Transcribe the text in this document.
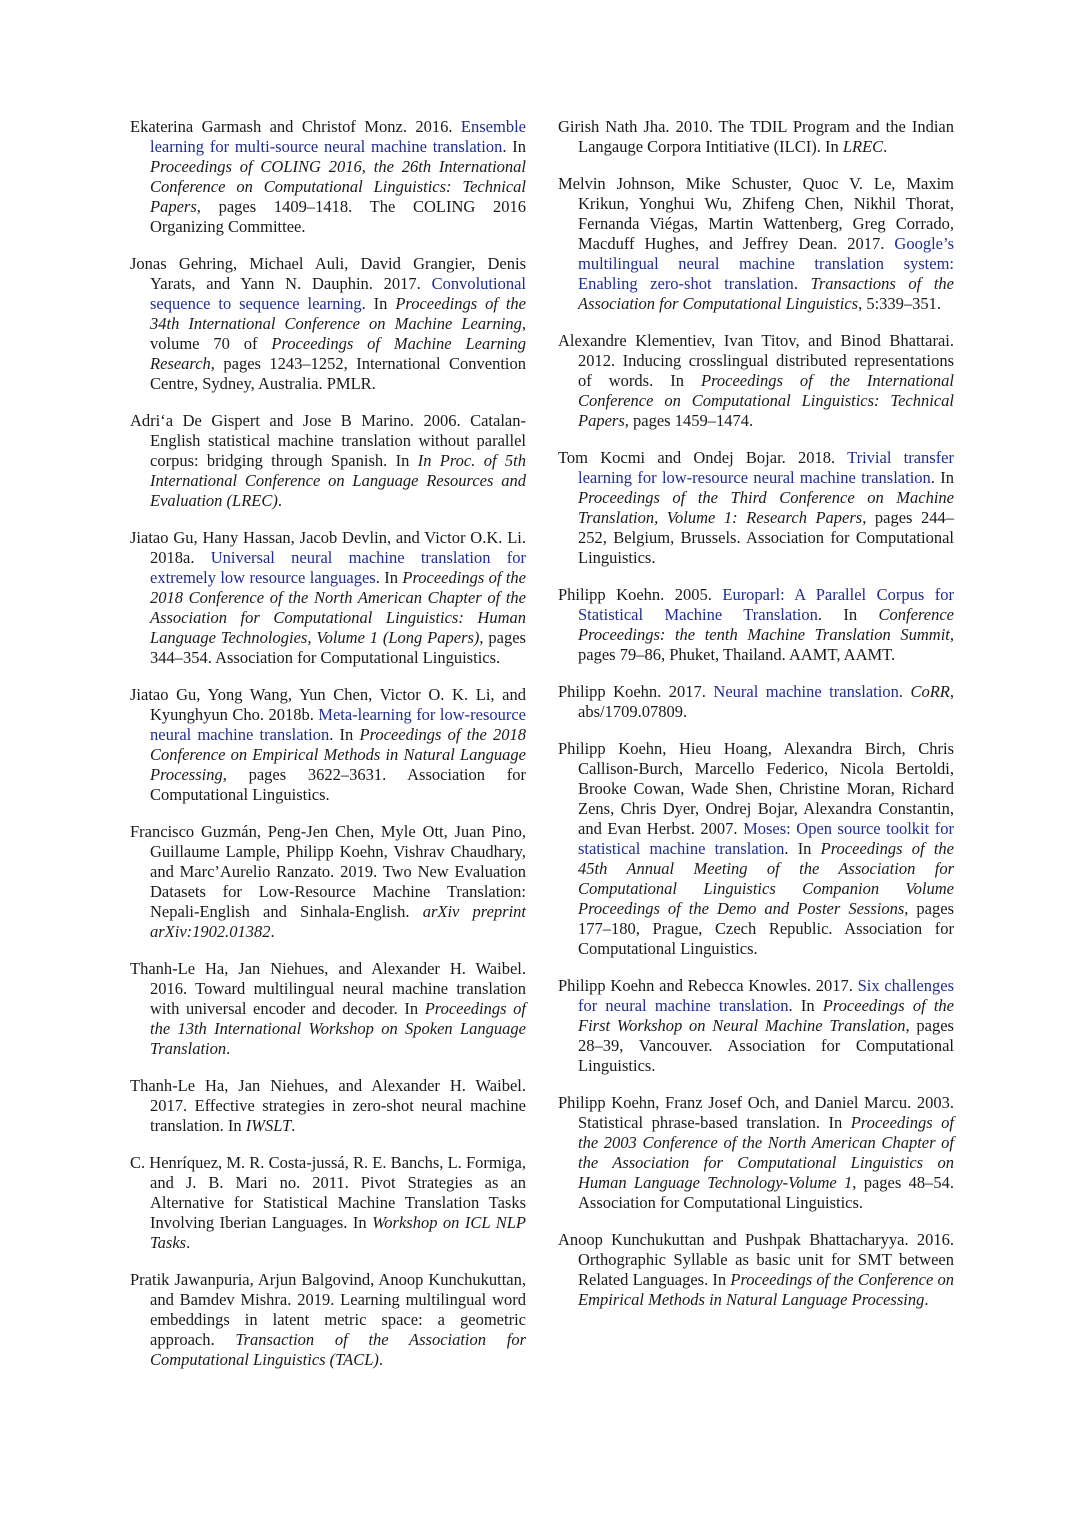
Ekaterina Garmash and Christof Monz. 2016. Ensemble learning for multi-source neural machine translation. In Proceedings of COLING 2016, the 26th International Conference on Computational Linguistics: Technical Papers, pages 1409–1418. The COLING 2016 Organizing Committee.

Jonas Gehring, Michael Auli, David Grangier, Denis Yarats, and Yann N. Dauphin. 2017. Convolutional sequence to sequence learning. In Proceedings of the 34th International Conference on Machine Learning, volume 70 of Proceedings of Machine Learning Research, pages 1243–1252, International Convention Centre, Sydney, Australia. PMLR.

Adri‘a De Gispert and Jose B Marino. 2006. Catalan-English statistical machine translation without parallel corpus: bridging through Spanish. In In Proc. of 5th International Conference on Language Resources and Evaluation (LREC).

Jiatao Gu, Hany Hassan, Jacob Devlin, and Victor O.K. Li. 2018a. Universal neural machine translation for extremely low resource languages. In Proceedings of the 2018 Conference of the North American Chapter of the Association for Computational Linguistics: Human Language Technologies, Volume 1 (Long Papers), pages 344–354. Association for Computational Linguistics.

Jiatao Gu, Yong Wang, Yun Chen, Victor O. K. Li, and Kyunghyun Cho. 2018b. Meta-learning for low-resource neural machine translation. In Proceedings of the 2018 Conference on Empirical Methods in Natural Language Processing, pages 3622–3631. Association for Computational Linguistics.

Francisco Guzmán, Peng-Jen Chen, Myle Ott, Juan Pino, Guillaume Lample, Philipp Koehn, Vishrav Chaudhary, and Marc’Aurelio Ranzato. 2019. Two New Evaluation Datasets for Low-Resource Machine Translation: Nepali-English and Sinhala-English. arXiv preprint arXiv:1902.01382.

Thanh-Le Ha, Jan Niehues, and Alexander H. Waibel. 2016. Toward multilingual neural machine translation with universal encoder and decoder. In Proceedings of the 13th International Workshop on Spoken Language Translation.

Thanh-Le Ha, Jan Niehues, and Alexander H. Waibel. 2017. Effective strategies in zero-shot neural machine translation. In IWSLT.

C. Henríquez, M. R. Costa-jussá, R. E. Banchs, L. Formiga, and J. B. Mari no. 2011. Pivot Strategies as an Alternative for Statistical Machine Translation Tasks Involving Iberian Languages. In Workshop on ICL NLP Tasks.

Pratik Jawanpuria, Arjun Balgovind, Anoop Kunchukuttan, and Bamdev Mishra. 2019. Learning multilingual word embeddings in latent metric space: a geometric approach. Transaction of the Association for Computational Linguistics (TACL).

Girish Nath Jha. 2010. The TDIL Program and the Indian Langauge Corpora Intitiative (ILCI). In LREC.

Melvin Johnson, Mike Schuster, Quoc V. Le, Maxim Krikun, Yonghui Wu, Zhifeng Chen, Nikhil Thorat, Fernanda Viégas, Martin Wattenberg, Greg Corrado, Macduff Hughes, and Jeffrey Dean. 2017. Google’s multilingual neural machine translation system: Enabling zero-shot translation. Transactions of the Association for Computational Linguistics, 5:339–351.

Alexandre Klementiev, Ivan Titov, and Binod Bhattarai. 2012. Inducing crosslingual distributed representations of words. In Proceedings of the International Conference on Computational Linguistics: Technical Papers, pages 1459–1474.

Tom Kocmi and Ondej Bojar. 2018. Trivial transfer learning for low-resource neural machine translation. In Proceedings of the Third Conference on Machine Translation, Volume 1: Research Papers, pages 244–252, Belgium, Brussels. Association for Computational Linguistics.

Philipp Koehn. 2005. Europarl: A Parallel Corpus for Statistical Machine Translation. In Conference Proceedings: the tenth Machine Translation Summit, pages 79–86, Phuket, Thailand. AAMT, AAMT.

Philipp Koehn. 2017. Neural machine translation. CoRR, abs/1709.07809.

Philipp Koehn, Hieu Hoang, Alexandra Birch, Chris Callison-Burch, Marcello Federico, Nicola Bertoldi, Brooke Cowan, Wade Shen, Christine Moran, Richard Zens, Chris Dyer, Ondrej Bojar, Alexandra Constantin, and Evan Herbst. 2007. Moses: Open source toolkit for statistical machine translation. In Proceedings of the 45th Annual Meeting of the Association for Computational Linguistics Companion Volume Proceedings of the Demo and Poster Sessions, pages 177–180, Prague, Czech Republic. Association for Computational Linguistics.

Philipp Koehn and Rebecca Knowles. 2017. Six challenges for neural machine translation. In Proceedings of the First Workshop on Neural Machine Translation, pages 28–39, Vancouver. Association for Computational Linguistics.

Philipp Koehn, Franz Josef Och, and Daniel Marcu. 2003. Statistical phrase-based translation. In Proceedings of the 2003 Conference of the North American Chapter of the Association for Computational Linguistics on Human Language Technology-Volume 1, pages 48–54. Association for Computational Linguistics.

Anoop Kunchukuttan and Pushpak Bhattacharyya. 2016. Orthographic Syllable as basic unit for SMT between Related Languages. In Proceedings of the Conference on Empirical Methods in Natural Language Processing.
